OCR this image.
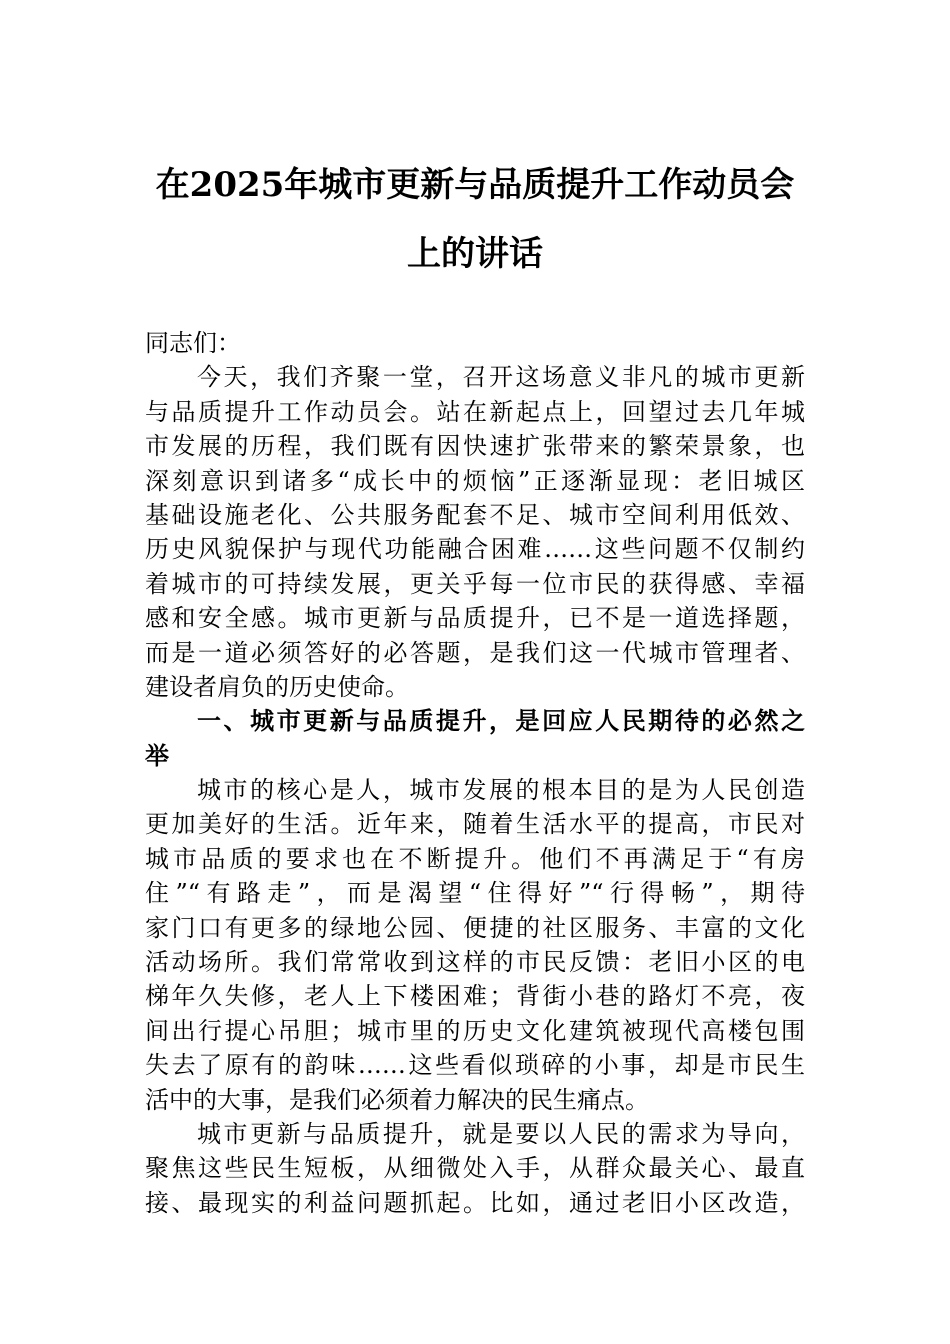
在2025年城市更新与品质提升工作动员会
上的讲话
同志们：
今天，我们齐聚一堂，召开这场意义非凡的城市更新
与品质提升工作动员会。站在新起点上，回望过去几年城
市发展的历程，我们既有因快速扩张带来的繁荣景象，也
深刻意识到诸多“成长中的烦恼”正逐渐显现：老旧城区
基础设施老化、公共服务配套不足、城市空间利用低效、
历史风貌保护与现代功能融合困难……这些问题不仅制约
着城市的可持续发展，更关乎每一位市民的获得感、幸福
感和安全感。城市更新与品质提升，已不是一道选择题，
而是一道必须答好的必答题，是我们这一代城市管理者、
建设者肩负的历史使命。
一、城市更新与品质提升，是回应人民期待的必然之
举
城市的核心是人，城市发展的根本目的是为人民创造
更加美好的生活。近年来，随着生活水平的提高，市民对
城市品质的要求也在不断提升。他们不再满足于“有房
住”“有路走”，而是渴望“住得好”“行得畅”，期待
家门口有更多的绿地公园、便捷的社区服务、丰富的文化
活动场所。我们常常收到这样的市民反馈：老旧小区的电
梯年久失修，老人上下楼困难；背街小巷的路灯不亮，夜
间出行提心吊胆；城市里的历史文化建筑被现代高楼包围
失去了原有的韵味……这些看似琐碎的小事，却是市民生
活中的大事，是我们必须着力解决的民生痛点。
城市更新与品质提升，就是要以人民的需求为导向，
聚焦这些民生短板，从细微处入手，从群众最关心、最直
接、最现实的利益问题抓起。比如，通过老旧小区改造，
